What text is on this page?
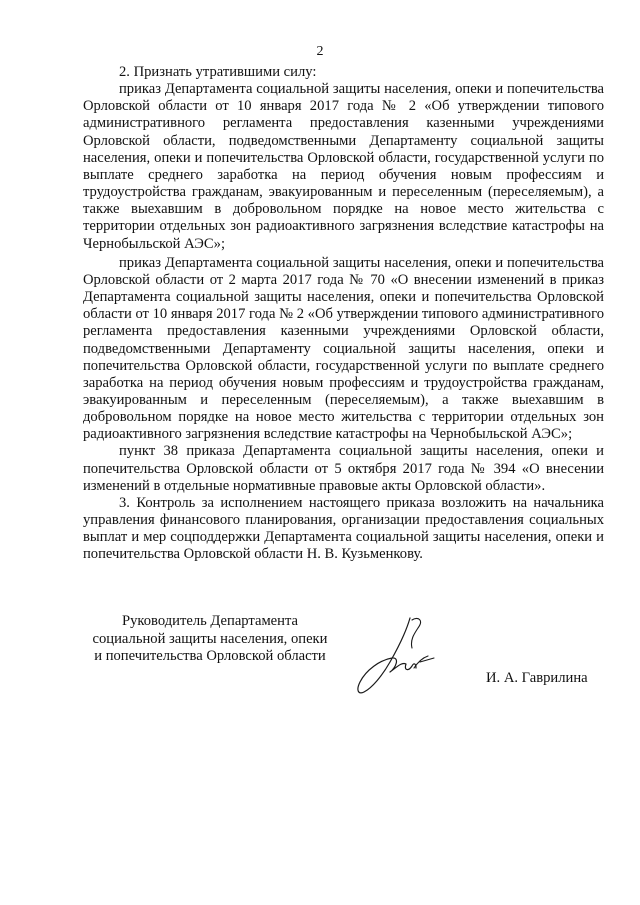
2

2. Признать утратившими силу:

приказ Департамента социальной защиты населения, опеки и попечительства Орловской области от 10 января 2017 года № 2 «Об утверждении типового административного регламента предоставления казенными учреждениями Орловской области, подведомственными Департаменту социальной защиты населения, опеки и попечительства Орловской области, государственной услуги по выплате среднего заработка на период обучения новым профессиям и трудоустройства гражданам, эвакуированным и переселенным (переселяемым), а также выехавшим в добровольном порядке на новое место жительства с территории отдельных зон радиоактивного загрязнения вследствие катастрофы на Чернобыльской АЭС»;

приказ Департамента социальной защиты населения, опеки и попечительства Орловской области от 2 марта 2017 года № 70 «О внесении изменений в приказ Департамента социальной защиты населения, опеки и попечительства Орловской области от 10 января 2017 года № 2 «Об утверждении типового административного регламента предоставления казенными учреждениями Орловской области, подведомственными Департаменту социальной защиты населения, опеки и попечительства Орловской области, государственной услуги по выплате среднего заработка на период обучения новым профессиям и трудоустройства гражданам, эвакуированным и переселенным (переселяемым), а также выехавшим в добровольном порядке на новое место жительства с территории отдельных зон радиоактивного загрязнения вследствие катастрофы на Чернобыльской АЭС»;

пункт 38 приказа Департамента социальной защиты населения, опеки и попечительства Орловской области от 5 октября 2017 года № 394 «О внесении изменений в отдельные нормативные правовые акты Орловской области».

3. Контроль за исполнением настоящего приказа возложить на начальника управления финансового планирования, организации предоставления социальных выплат и мер соцподдержки Департамента социальной защиты населения, опеки и попечительства Орловской области Н. В. Кузьменкову.

Руководитель Департамента
социальной защиты населения, опеки
и попечительства Орловской области
И. А. Гаврилина
